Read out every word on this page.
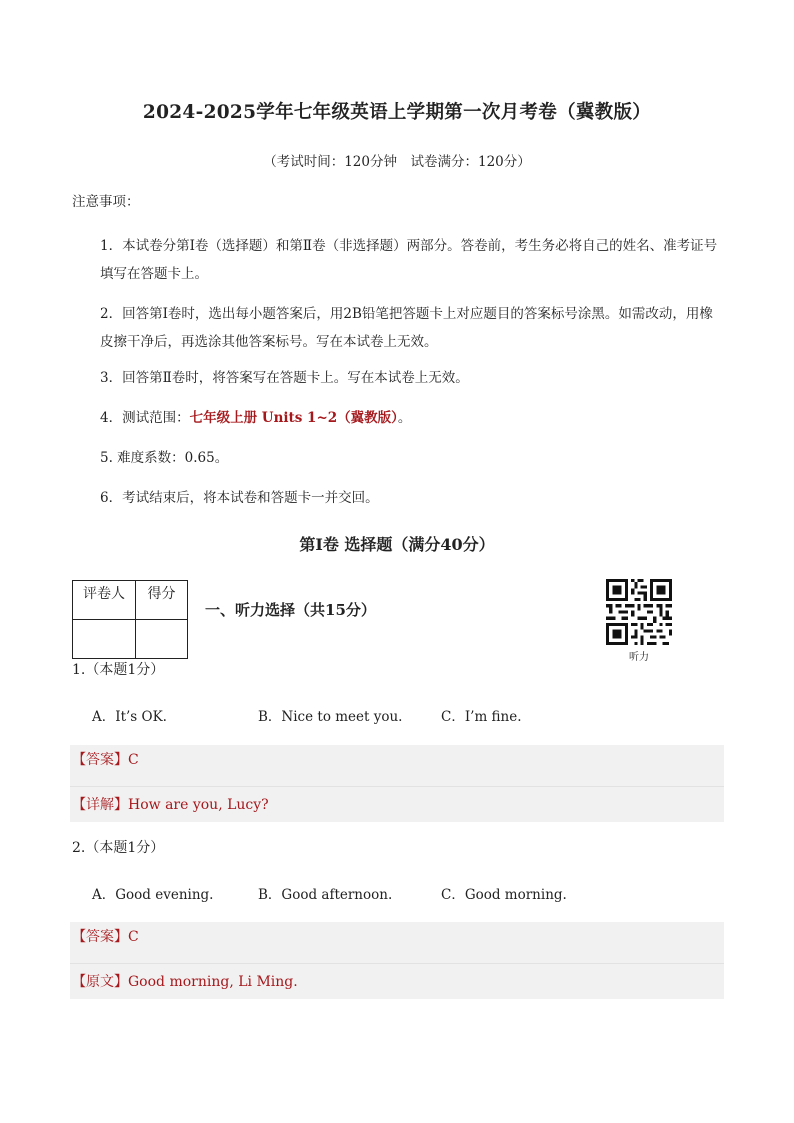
2024-2025学年七年级英语上学期第一次月考卷（冀教版）
（考试时间：120分钟　试卷满分：120分）
注意事项：
1．本试卷分第Ⅰ卷（选择题）和第Ⅱ卷（非选择题）两部分。答卷前，考生务必将自己的姓名、准考证号填写在答题卡上。
2．回答第Ⅰ卷时，选出每小题答案后，用2B铅笔把答题卡上对应题目的答案标号涂黑。如需改动，用橡皮擦干净后，再选涂其他答案标号。写在本试卷上无效。
3．回答第Ⅱ卷时，将答案写在答题卡上。写在本试卷上无效。
4．测试范围：七年级上册 Units 1~2（冀教版）。
5. 难度系数：0.65。
6．考试结束后，将本试卷和答题卡一并交回。
第Ⅰ卷 选择题（满分40分）
评卷人	得分

一、听力选择（共15分）
听力
1.（本题1分）
A．It’s OK.	B．Nice to meet you.	C．I’m fine.
【答案】C
【详解】How are you, Lucy?
2.（本题1分）
A．Good evening.	B．Good afternoon.	C．Good morning.
【答案】C
【原文】Good morning, Li Ming.
